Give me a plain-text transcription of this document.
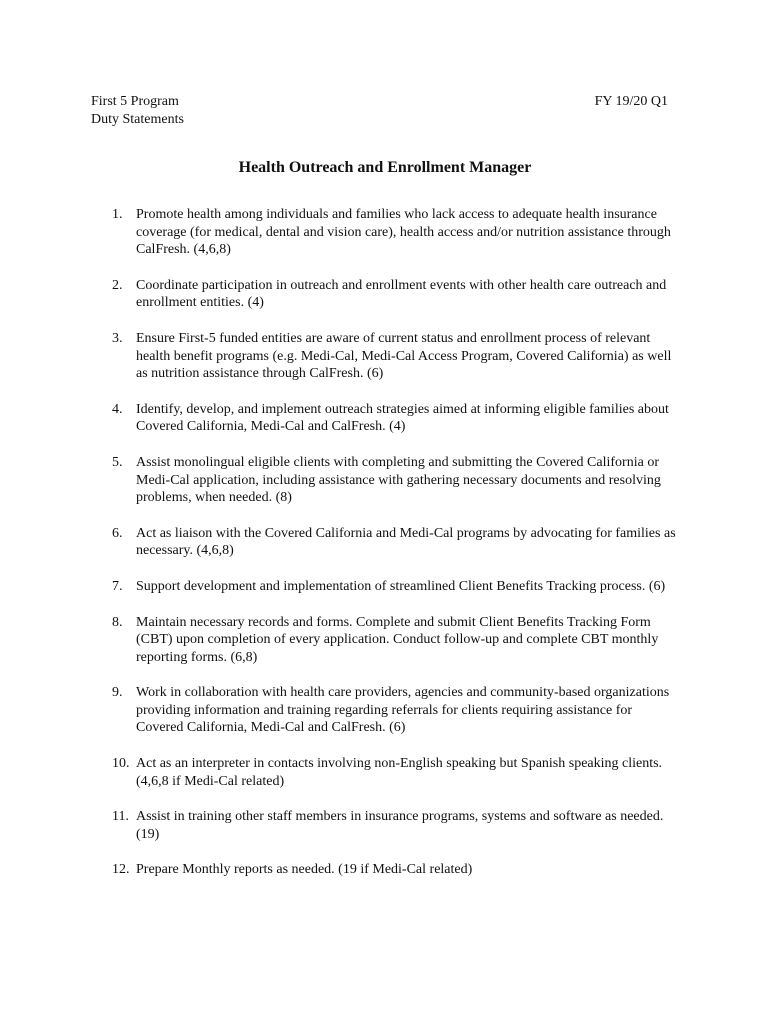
First 5 Program
Duty Statements
FY 19/20 Q1
Health Outreach and Enrollment Manager
1. Promote health among individuals and families who lack access to adequate health insurance coverage (for medical, dental and vision care), health access and/or nutrition assistance through CalFresh. (4,6,8)
2. Coordinate participation in outreach and enrollment events with other health care outreach and enrollment entities. (4)
3. Ensure First-5 funded entities are aware of current status and enrollment process of relevant health benefit programs (e.g. Medi-Cal, Medi-Cal Access Program, Covered California) as well as nutrition assistance through CalFresh. (6)
4. Identify, develop, and implement outreach strategies aimed at informing eligible families about Covered California, Medi-Cal and CalFresh. (4)
5. Assist monolingual eligible clients with completing and submitting the Covered California or Medi-Cal application, including assistance with gathering necessary documents and resolving problems, when needed. (8)
6. Act as liaison with the Covered California and Medi-Cal programs by advocating for families as necessary. (4,6,8)
7. Support development and implementation of streamlined Client Benefits Tracking process. (6)
8. Maintain necessary records and forms. Complete and submit Client Benefits Tracking Form (CBT) upon completion of every application. Conduct follow-up and complete CBT monthly reporting forms. (6,8)
9. Work in collaboration with health care providers, agencies and community-based organizations providing information and training regarding referrals for clients requiring assistance for Covered California, Medi-Cal and CalFresh. (6)
10. Act as an interpreter in contacts involving non-English speaking but Spanish speaking clients. (4,6,8 if Medi-Cal related)
11. Assist in training other staff members in insurance programs, systems and software as needed. (19)
12. Prepare Monthly reports as needed. (19 if Medi-Cal related)
